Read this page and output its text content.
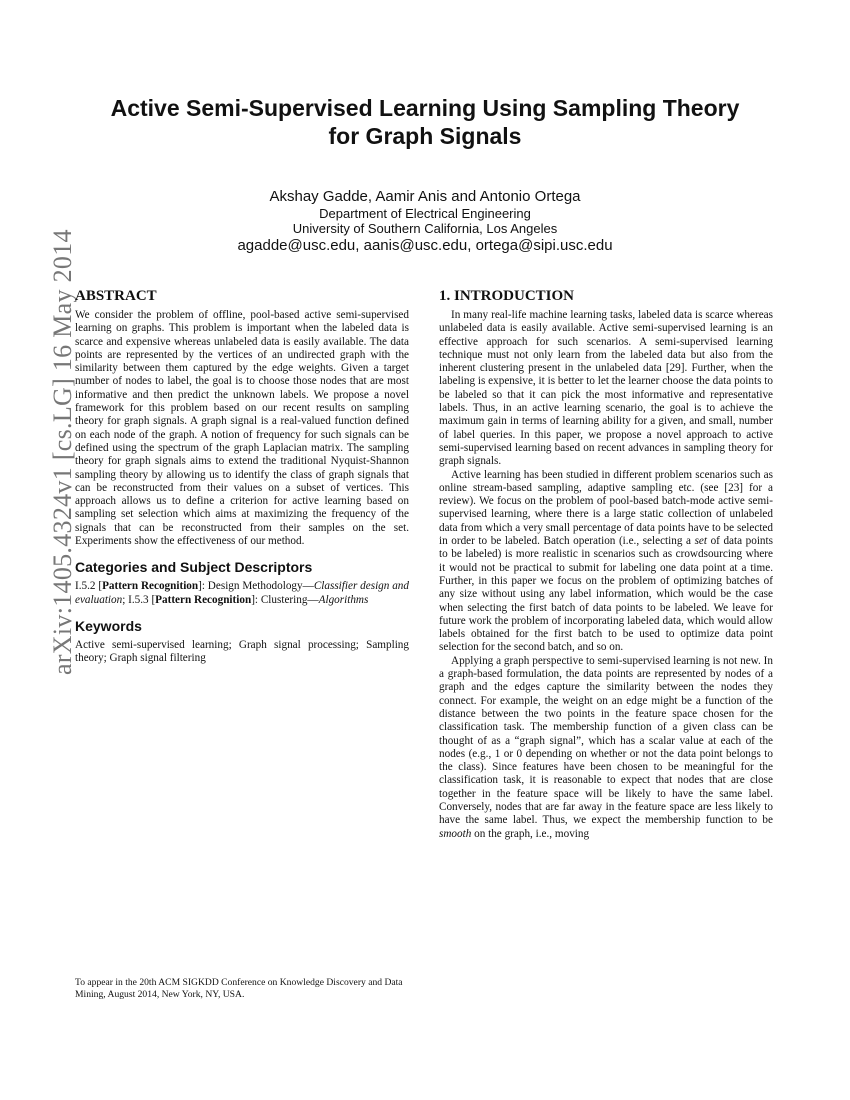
arXiv:1405.4324v1 [cs.LG] 16 May 2014
Active Semi-Supervised Learning Using Sampling Theory
for Graph Signals
Akshay Gadde, Aamir Anis and Antonio Ortega
Department of Electrical Engineering
University of Southern California, Los Angeles
agadde@usc.edu, aanis@usc.edu, ortega@sipi.usc.edu
ABSTRACT

We consider the problem of offline, pool-based active semi-supervised learning on graphs. This problem is important when the labeled data is scarce and expensive whereas unlabeled data is easily available. The data points are represented by the vertices of an undirected graph with the similarity between them captured by the edge weights. Given a target number of nodes to label, the goal is to choose those nodes that are most informative and then predict the unknown labels. We propose a novel framework for this problem based on our recent results on sampling theory for graph signals. A graph signal is a real-valued function defined on each node of the graph. A notion of frequency for such signals can be defined using the spectrum of the graph Laplacian matrix. The sampling theory for graph signals aims to extend the traditional Nyquist-Shannon sampling theory by allowing us to identify the class of graph signals that can be reconstructed from their values on a subset of vertices. This approach allows us to define a criterion for active learning based on sampling set selection which aims at maximizing the frequency of the signals that can be reconstructed from their samples on the set. Experiments show the effectiveness of our method.

Categories and Subject Descriptors

I.5.2 [Pattern Recognition]: Design Methodology—Classifier design and evaluation; I.5.3 [Pattern Recognition]: Clustering—Algorithms

Keywords

Active semi-supervised learning; Graph signal processing; Sampling theory; Graph signal filtering

To appear in the 20th ACM SIGKDD Conference on Knowledge Discovery and Data Mining, August 2014, New York, NY, USA.
1. INTRODUCTION

In many real-life machine learning tasks, labeled data is scarce whereas unlabeled data is easily available. Active semi-supervised learning is an effective approach for such scenarios. A semi-supervised learning technique must not only learn from the labeled data but also from the inherent clustering present in the unlabeled data [29]. Further, when the labeling is expensive, it is better to let the learner choose the data points to be labeled so that it can pick the most informative and representative labels. Thus, in an active learning scenario, the goal is to achieve the maximum gain in terms of learning ability for a given, and small, number of label queries. In this paper, we propose a novel approach to active semi-supervised learning based on recent advances in sampling theory for graph signals.

Active learning has been studied in different problem scenarios such as online stream-based sampling, adaptive sampling etc. (see [23] for a review). We focus on the problem of pool-based batch-mode active semi-supervised learning, where there is a large static collection of unlabeled data from which a very small percentage of data points have to be selected in order to be labeled. Batch operation (i.e., selecting a set of data points to be labeled) is more realistic in scenarios such as crowdsourcing where it would not be practical to submit for labeling one data point at a time. Further, in this paper we focus on the problem of optimizing batches of any size without using any label information, which would be the case when selecting the first batch of data points to be labeled. We leave for future work the problem of incorporating labeled data, which would allow labels obtained for the first batch to be used to optimize data point selection for the second batch, and so on.

Applying a graph perspective to semi-supervised learning is not new. In a graph-based formulation, the data points are represented by nodes of a graph and the edges capture the similarity between the nodes they connect. For example, the weight on an edge might be a function of the distance between the two points in the feature space chosen for the classification task. The membership function of a given class can be thought of as a “graph signal”, which has a scalar value at each of the nodes (e.g., 1 or 0 depending on whether or not the data point belongs to the class). Since features have been chosen to be meaningful for the classification task, it is reasonable to expect that nodes that are close together in the feature space will be likely to have the same label. Conversely, nodes that are far away in the feature space are less likely to have the same label. Thus, we expect the membership function to be smooth on the graph, i.e., moving
